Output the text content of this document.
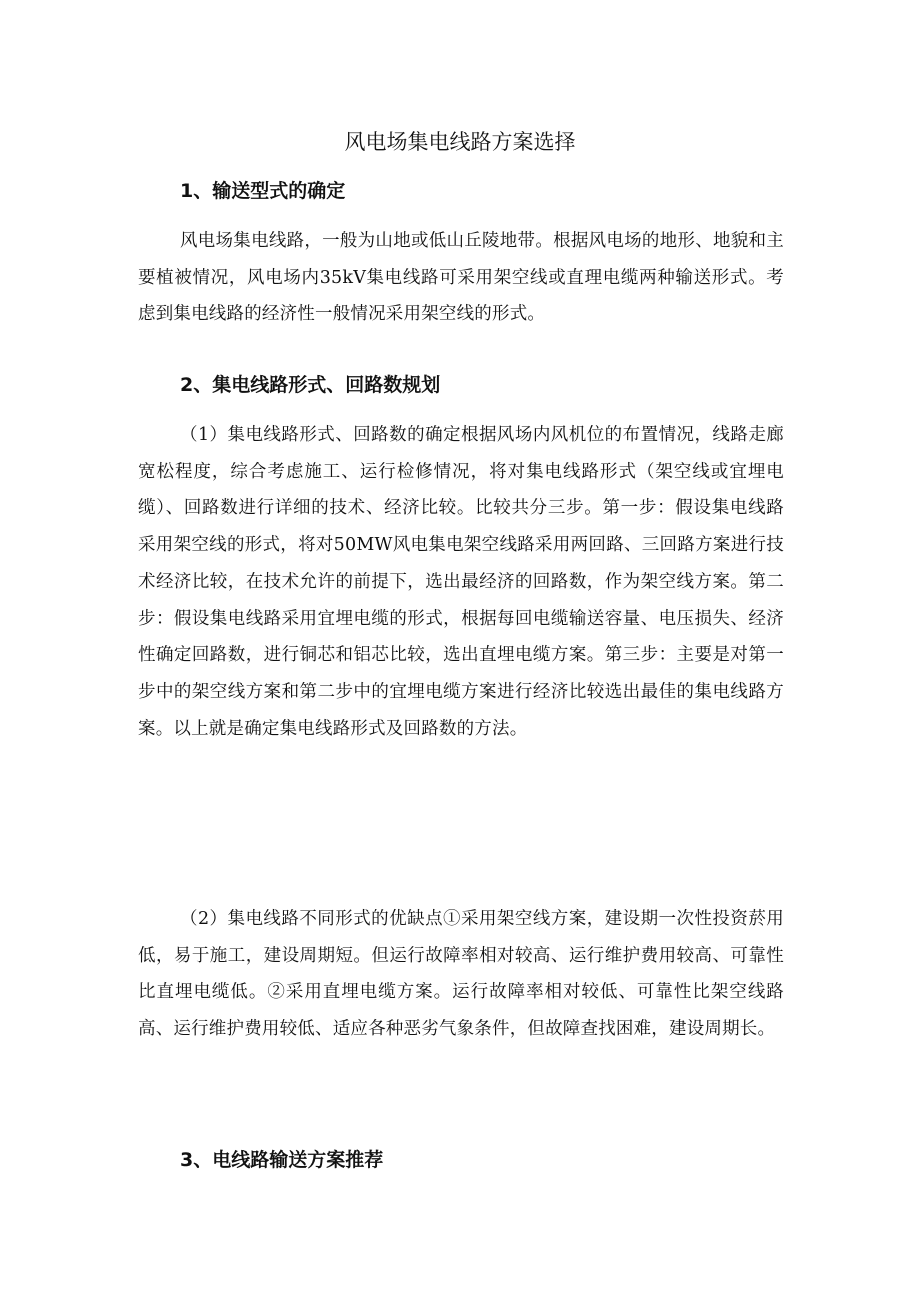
风电场集电线路方案选择
1、输送型式的确定

风电场集电线路，一般为山地或低山丘陵地带。根据风电场的地形、地貌和主要植被情况，风电场内35kV集电线路可采用架空线或直理电缆两种输送形式。考虑到集电线路的经济性一般情况采用架空线的形式。

2、集电线路形式、回路数规划

（1）集电线路形式、回路数的确定根据风场内风机位的布置情况，线路走廊宽松程度，综合考虑施工、运行检修情况，将对集电线路形式（架空线或宜埋电缆）、回路数进行详细的技术、经济比较。比较共分三步。第一步：假设集电线路采用架空线的形式，将对50MW风电集电架空线路采用两回路、三回路方案进行技术经济比较，在技术允许的前提下，选出最经济的回路数，作为架空线方案。第二步：假设集电线路采用宜埋电缆的形式，根据每回电缆输送容量、电压损失、经济性确定回路数，进行铜芯和铝芯比较，选出直埋电缆方案。第三步：主要是对第一步中的架空线方案和第二步中的宜埋电缆方案进行经济比较选出最佳的集电线路方案。以上就是确定集电线路形式及回路数的方法。

（2）集电线路不同形式的优缺点①采用架空线方案，建设期一次性投资菸用低，易于施工，建设周期短。但运行故障率相对较高、运行维护费用较高、可靠性比直埋电缆低。②采用直埋电缆方案。运行故障率相对较低、可靠性比架空线路高、运行维护费用较低、适应各种恶劣气象条件，但故障查找困难，建设周期长。

3、电线路输送方案推荐
